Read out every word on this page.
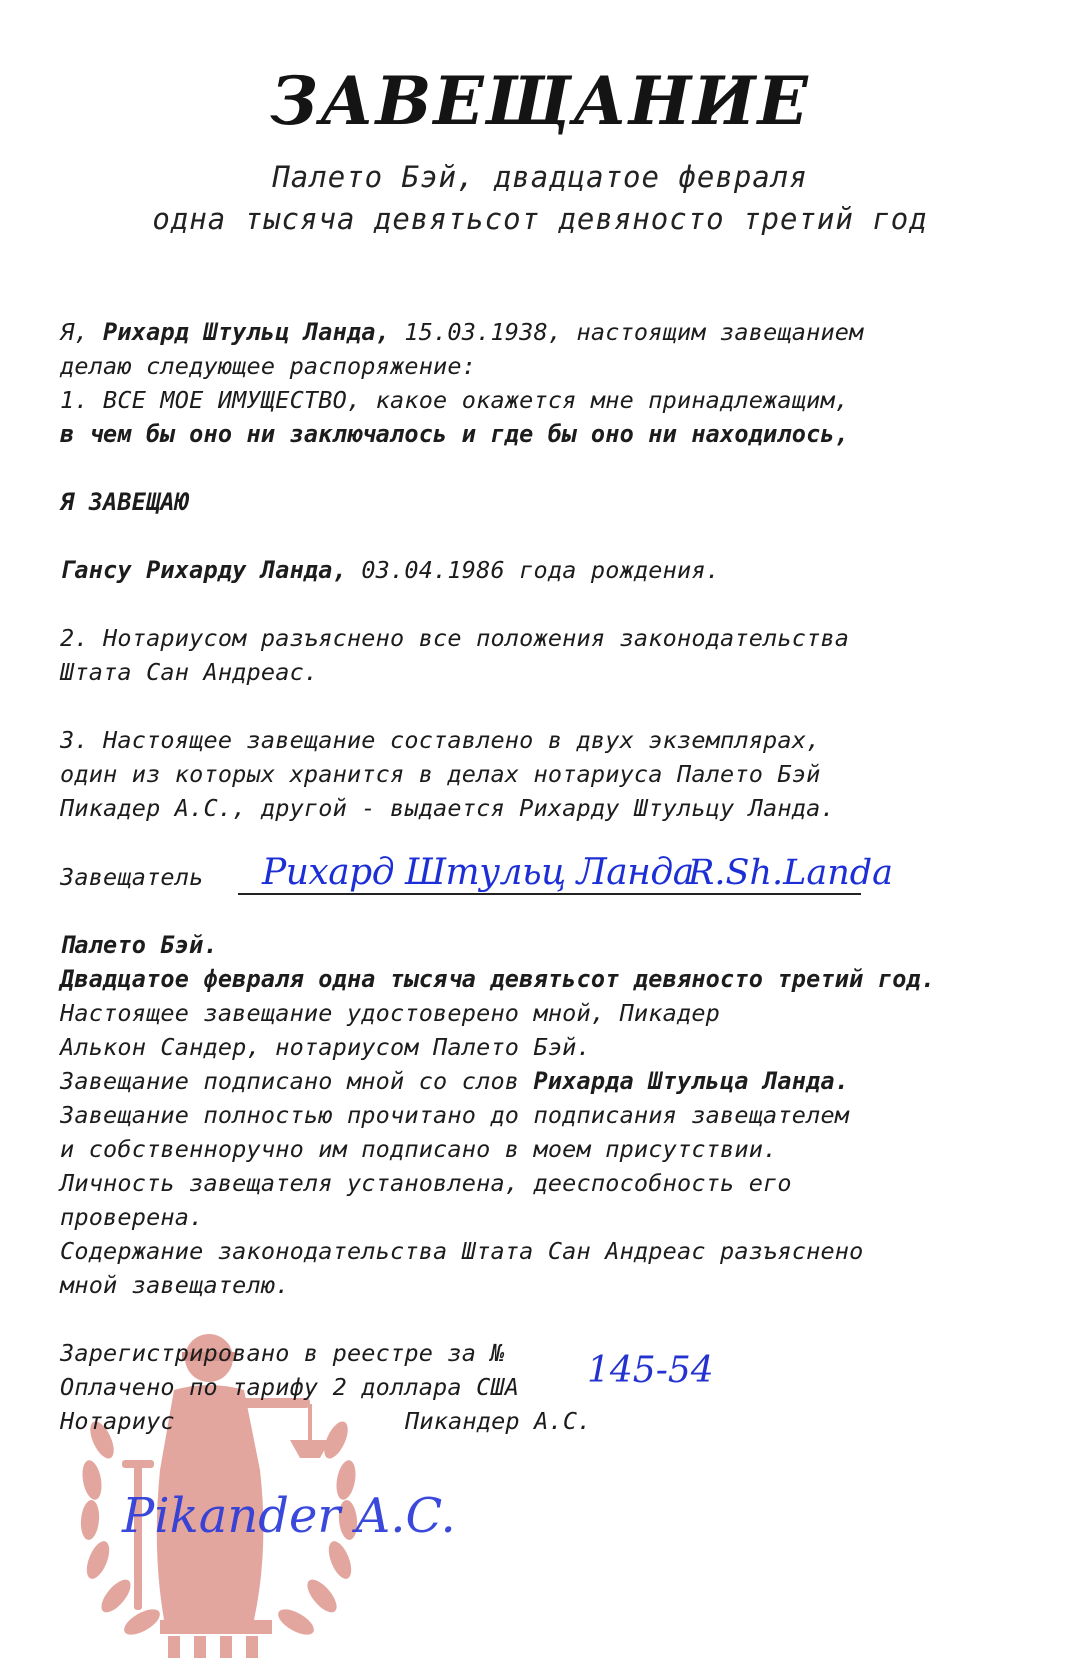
ЗАВЕЩАНИЕ
Палето Бэй, двадцатое февраля
одна тысяча девятьсот девяносто третий год
Я, Рихард Штульц Ланда, 15.03.1938, настоящим завещанием
делаю следующее распоряжение:
1. ВСЕ МОЕ ИМУЩЕСТВО, какое окажется мне принадлежащим,
в чем бы оно ни заключалось и где бы оно ни находилось,
Я ЗАВЕЩАЮ
Гансу Рихарду Ланда, 03.04.1986 года рождения.
2. Нотариусом разъяснено все положения законодательства
Штата Сан Андреас.
3. Настоящее завещание составлено в двух экземплярах,
один из которых хранится в делах нотариуса Палето Бэй
Пикадер А.С., другой - выдается Рихарду Штульцу Ланда.
Завещатель Рихард Штульц Ланда
R.Sh.Landa
Палето Бэй.
Двадцатое февраля одна тысяча девятьсот девяносто третий год.
Настоящее завещание удостоверено мной, Пикадер
Алькон Сандер, нотариусом Палето Бэй.
Завещание подписано мной со слов Рихарда Штульца Ланда.
Завещание полностью прочитано до подписания завещателем
и собственноручно им подписано в моем присутствии.
Личность завещателя установлена, дееспособность его
проверена.
Содержание законодательства Штата Сан Андреас разъяснено
мной завещателю.
Зарегистрировано в реестре за № 145-54
Оплачено по тарифу 2 доллара США
Нотариус	Пикандер А.С.
Pikander A.C.
